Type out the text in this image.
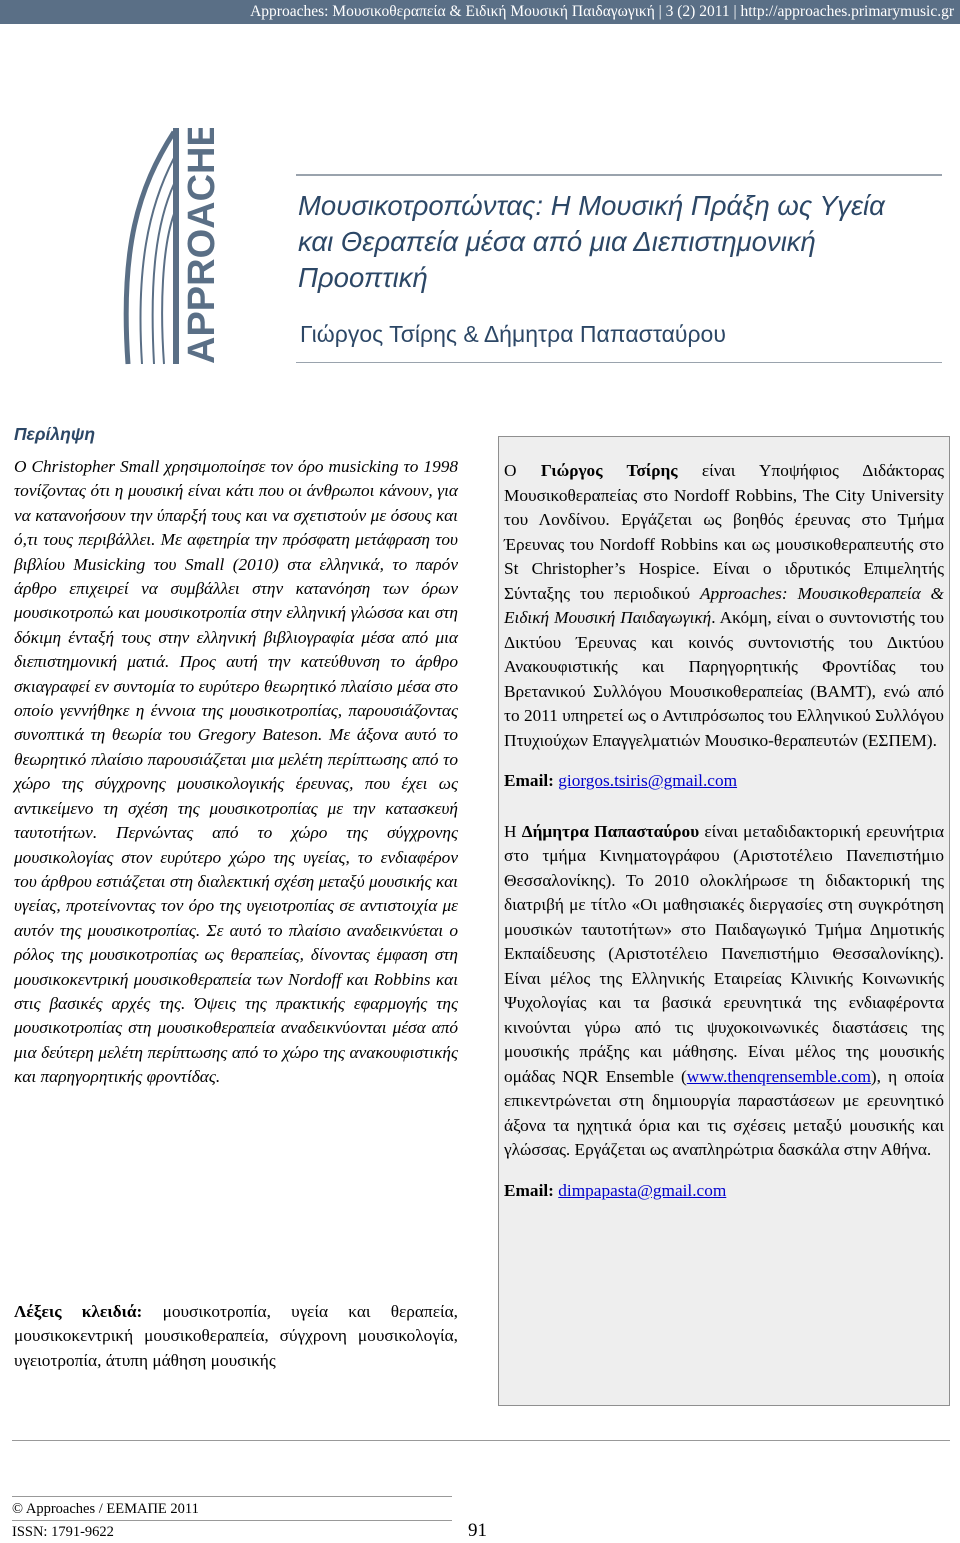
Approaches: Μουσικοθεραπεία & Ειδική Μουσική Παιδαγωγική | 3 (2) 2011 | http://approaches.primarymusic.gr
APPROACHES	Μουσικοτροπώντας: Η Μουσική Πράξη ως Υγεία και Θεραπεία μέσα από μια Διεπιστημονική Προοπτική
Γιώργος Τσίρης & Δήμητρα Παπασταύρου
Περίληψη
Ο Christopher Small χρησιμοποίησε τον όρο musicking το 1998 τονίζοντας ότι η μουσική είναι κάτι που οι άνθρωποι κάνουν, για να κατανοήσουν την ύπαρξή τους και να σχετιστούν με όσους και ό,τι τους περιβάλλει. Με αφετηρία την πρόσφατη μετάφραση του βιβλίου Musicking του Small (2010) στα ελληνικά, το παρόν άρθρο επιχειρεί να συμβάλλει στην κατανόηση των όρων μουσικοτροπώ και μουσικοτροπία στην ελληνική γλώσσα και στη δόκιμη ένταξή τους στην ελληνική βιβλιογραφία μέσα από μια διεπιστημονική ματιά. Προς αυτή την κατεύθυνση το άρθρο σκιαγραφεί εν συντομία το ευρύτερο θεωρητικό πλαίσιο μέσα στο οποίο γεννήθηκε η έννοια της μουσικοτροπίας, παρουσιάζοντας συνοπτικά τη θεωρία του Gregory Bateson. Με άξονα αυτό το θεωρητικό πλαίσιο παρουσιάζεται μια μελέτη περίπτωσης από το χώρο της σύγχρονης μουσικολογικής έρευνας, που έχει ως αντικείμενο τη σχέση της μουσικοτροπίας με την κατασκευή ταυτοτήτων. Περνώντας από το χώρο της σύγχρονης μουσικολογίας στον ευρύτερο χώρο της υγείας, το ενδιαφέρον του άρθρου εστιάζεται στη διαλεκτική σχέση μεταξύ μουσικής και υγείας, προτείνοντας τον όρο της υγειοτροπίας σε αντιστοιχία με αυτόν της μουσικοτροπίας. Σε αυτό το πλαίσιο αναδεικνύεται ο ρόλος της μουσικοτροπίας ως θεραπείας, δίνοντας έμφαση στη μουσικοκεντρική μουσικοθεραπεία των Nordoff και Robbins και στις βασικές αρχές της. Όψεις της πρακτικής εφαρμογής της μουσικοτροπίας στη μουσικοθεραπεία αναδεικνύονται μέσα από μια δεύτερη μελέτη περίπτωσης από το χώρο της ανακουφιστικής και παρηγορητικής φροντίδας.
Λέξεις κλειδιά: μουσικοτροπία, υγεία και θεραπεία, μουσικοκεντρική μουσικοθεραπεία, σύγχρονη μουσικολογία, υγειοτροπία, άτυπη μάθηση μουσικής

Ο Γιώργος Τσίρης είναι Υποψήφιος Διδάκτορας Μουσικοθεραπείας στο Nordoff Robbins, The City University του Λονδίνου. Εργάζεται ως βοηθός έρευνας στο Τμήμα Έρευνας του Nordoff Robbins και ως μουσικοθεραπευτής στο St Christopher’s Hospice. Είναι ο ιδρυτικός Επιμελητής Σύνταξης του περιοδικού Approaches: Μουσικοθεραπεία & Ειδική Μουσική Παιδαγωγική. Ακόμη, είναι ο συντονιστής του Δικτύου Έρευνας και κοινός συντονιστής του Δικτύου Ανακουφιστικής και Παρηγορητικής Φροντίδας του Βρετανικού Συλλόγου Μουσικοθεραπείας (BAMT), ενώ από το 2011 υπηρετεί ως ο Αντιπρόσωπος του Ελληνικού Συλλόγου Πτυχιούχων Επαγγελματιών Μουσικο-θεραπευτών (ΕΣΠΕΜ).

Email: giorgos.tsiris@gmail.com

Η Δήμητρα Παπασταύρου είναι μεταδιδακτορική ερευνήτρια στο τμήμα Κινηματογράφου (Αριστοτέλειο Πανεπιστήμιο Θεσσαλονίκης). Το 2010 ολοκλήρωσε τη διδακτορική της διατριβή με τίτλο «Οι μαθησιακές διεργασίες στη συγκρότηση μουσικών ταυτοτήτων» στο Παιδαγωγικό Τμήμα Δημοτικής Εκπαίδευσης (Αριστοτέλειο Πανεπιστήμιο Θεσσαλονίκης). Είναι μέλος της Ελληνικής Εταιρείας Κλινικής Κοινωνικής Ψυχολογίας και τα βασικά ερευνητικά της ενδιαφέροντα κινούνται γύρω από τις ψυχοκοινωνικές διαστάσεις της μουσικής πράξης και μάθησης. Είναι μέλος της μουσικής ομάδας NQR Ensemble (www.thenqrensemble.com), η οποία επικεντρώνεται στη δημιουργία παραστάσεων με ερευνητικό άξονα τα ηχητικά όρια και τις σχέσεις μεταξύ μουσικής και γλώσσας. Εργάζεται ως αναπληρώτρια δασκάλα στην Αθήνα.

Email: dimpapasta@gmail.com

© Approaches / ΕΕΜΑΠΕ 2011
ISSN: 1791-9622	91
